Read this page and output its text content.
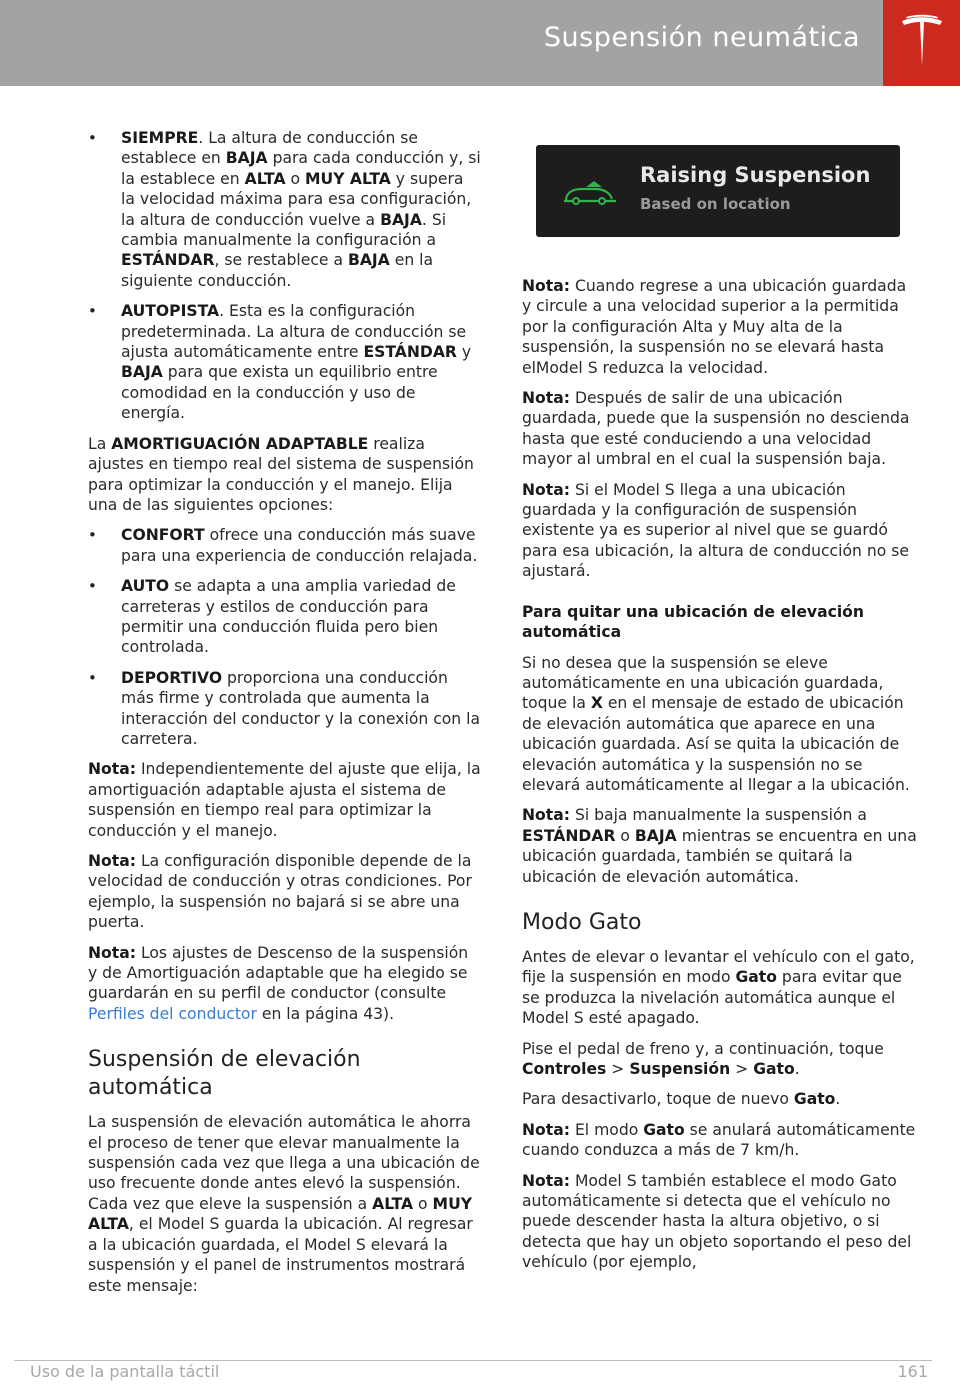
Suspensión neumática
• SIEMPRE. La altura de conducción se establece en BAJA para cada conducción y, si la establece en ALTA o MUY ALTA y supera la velocidad máxima para esa configuración, la altura de conducción vuelve a BAJA. Si cambia manualmente la configuración a ESTÁNDAR, se restablece a BAJA en la siguiente conducción.
• AUTOPISTA. Esta es la configuración predeterminada. La altura de conducción se ajusta automáticamente entre ESTÁNDAR y BAJA para que exista un equilibrio entre comodidad en la conducción y uso de energía.

La AMORTIGUACIÓN ADAPTABLE realiza ajustes en tiempo real del sistema de suspensión para optimizar la conducción y el manejo. Elija una de las siguientes opciones:

• CONFORT ofrece una conducción más suave para una experiencia de conducción relajada.
• AUTO se adapta a una amplia variedad de carreteras y estilos de conducción para permitir una conducción fluida pero bien controlada.
• DEPORTIVO proporciona una conducción más firme y controlada que aumenta la interacción del conductor y la conexión con la carretera.

Nota: Independientemente del ajuste que elija, la amortiguación adaptable ajusta el sistema de suspensión en tiempo real para optimizar la conducción y el manejo.

Nota: La configuración disponible depende de la velocidad de conducción y otras condiciones. Por ejemplo, la suspensión no bajará si se abre una puerta.

Nota: Los ajustes de Descenso de la suspensión y de Amortiguación adaptable que ha elegido se guardarán en su perfil de conductor (consulte Perfiles del conductor en la página 43).

Suspensión de elevación automática

La suspensión de elevación automática le ahorra el proceso de tener que elevar manualmente la suspensión cada vez que llega a una ubicación de uso frecuente donde antes elevó la suspensión. Cada vez que eleve la suspensión a ALTA o MUY ALTA, el Model S guarda la ubicación. Al regresar a la ubicación guardada, el Model S elevará la suspensión y el panel de instrumentos mostrará este mensaje:

Raising Suspension
Based on location

Nota: Cuando regrese a una ubicación guardada y circule a una velocidad superior a la permitida por la configuración Alta y Muy alta de la suspensión, la suspensión no se elevará hasta elModel S reduzca la velocidad.

Nota: Después de salir de una ubicación guardada, puede que la suspensión no descienda hasta que esté conduciendo a una velocidad mayor al umbral en el cual la suspensión baja.

Nota: Si el Model S llega a una ubicación guardada y la configuración de suspensión existente ya es superior al nivel que se guardó para esa ubicación, la altura de conducción no se ajustará.

Para quitar una ubicación de elevación automática

Si no desea que la suspensión se eleve automáticamente en una ubicación guardada, toque la X en el mensaje de estado de ubicación de elevación automática que aparece en una ubicación guardada. Así se quita la ubicación de elevación automática y la suspensión no se elevará automáticamente al llegar a la ubicación.

Nota: Si baja manualmente la suspensión a ESTÁNDAR o BAJA mientras se encuentra en una ubicación guardada, también se quitará la ubicación de elevación automática.

Modo Gato

Antes de elevar o levantar el vehículo con el gato, fije la suspensión en modo Gato para evitar que se produzca la nivelación automática aunque el Model S esté apagado.

Pise el pedal de freno y, a continuación, toque Controles > Suspensión > Gato.

Para desactivarlo, toque de nuevo Gato.

Nota: El modo Gato se anulará automáticamente cuando conduzca a más de 7 km/h.

Nota: Model S también establece el modo Gato automáticamente si detecta que el vehículo no puede descender hasta la altura objetivo, o si detecta que hay un objeto soportando el peso del vehículo (por ejemplo,

Uso de la pantalla táctil	161
